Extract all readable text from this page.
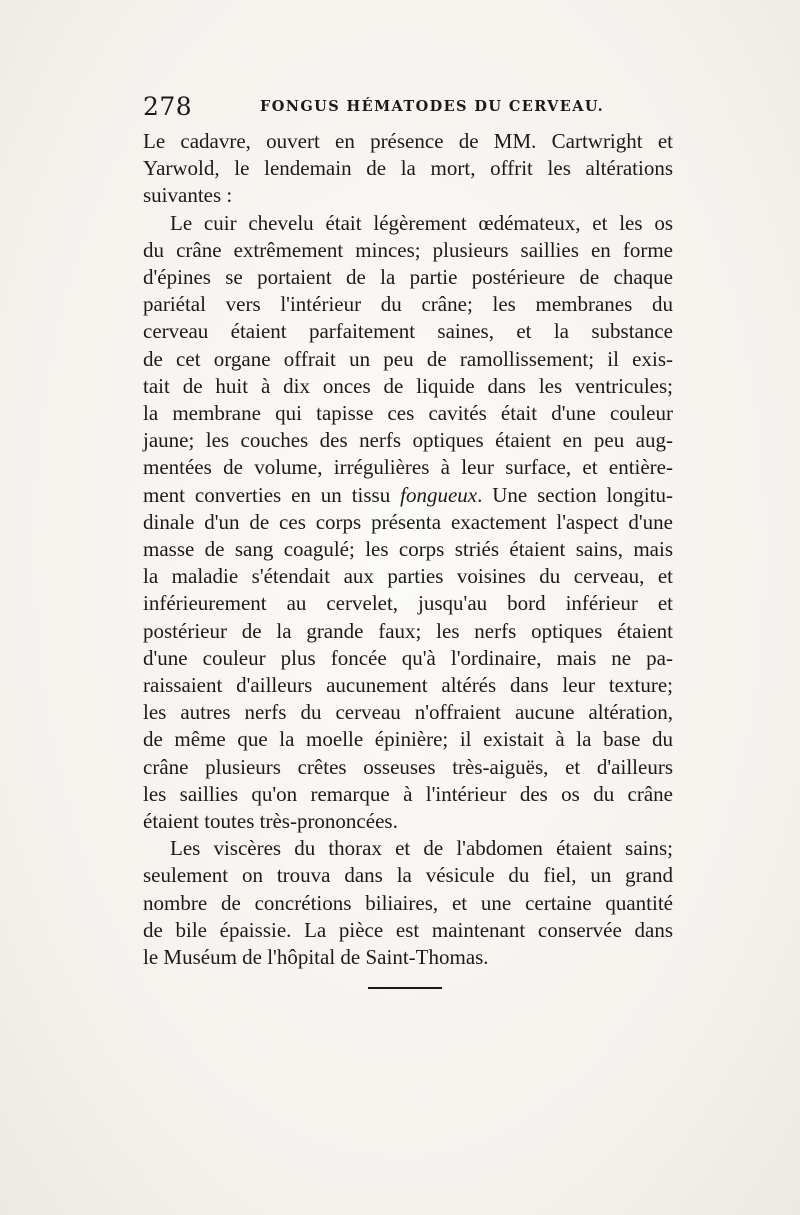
278	FONGUS HÉMATODES DU CERVEAU.
Le cadavre, ouvert en présence de MM. Cartwright et
Yarwold, le lendemain de la mort, offrit les altérations
suivantes :
Le cuir chevelu était légèrement œdémateux, et les os
du crâne extrêmement minces; plusieurs saillies en forme
d'épines se portaient de la partie postérieure de chaque
pariétal vers l'intérieur du crâne; les membranes du
cerveau étaient parfaitement saines, et la substance
de cet organe offrait un peu de ramollissement; il exis-
tait de huit à dix onces de liquide dans les ventricules;
la membrane qui tapisse ces cavités était d'une couleur
jaune; les couches des nerfs optiques étaient en peu aug-
mentées de volume, irrégulières à leur surface, et entière-
ment converties en un tissu fongueux. Une section longitu-
dinale d'un de ces corps présenta exactement l'aspect d'une
masse de sang coagulé; les corps striés étaient sains, mais
la maladie s'étendait aux parties voisines du cerveau, et
inférieurement au cervelet, jusqu'au bord inférieur et
postérieur de la grande faux; les nerfs optiques étaient
d'une couleur plus foncée qu'à l'ordinaire, mais ne pa-
raissaient d'ailleurs aucunement altérés dans leur texture;
les autres nerfs du cerveau n'offraient aucune altération,
de même que la moelle épinière; il existait à la base du
crâne plusieurs crêtes osseuses très-aiguës, et d'ailleurs
les saillies qu'on remarque à l'intérieur des os du crâne
étaient toutes très-prononcées.
Les viscères du thorax et de l'abdomen étaient sains;
seulement on trouva dans la vésicule du fiel, un grand
nombre de concrétions biliaires, et une certaine quantité
de bile épaissie. La pièce est maintenant conservée dans
le Muséum de l'hôpital de Saint-Thomas.
